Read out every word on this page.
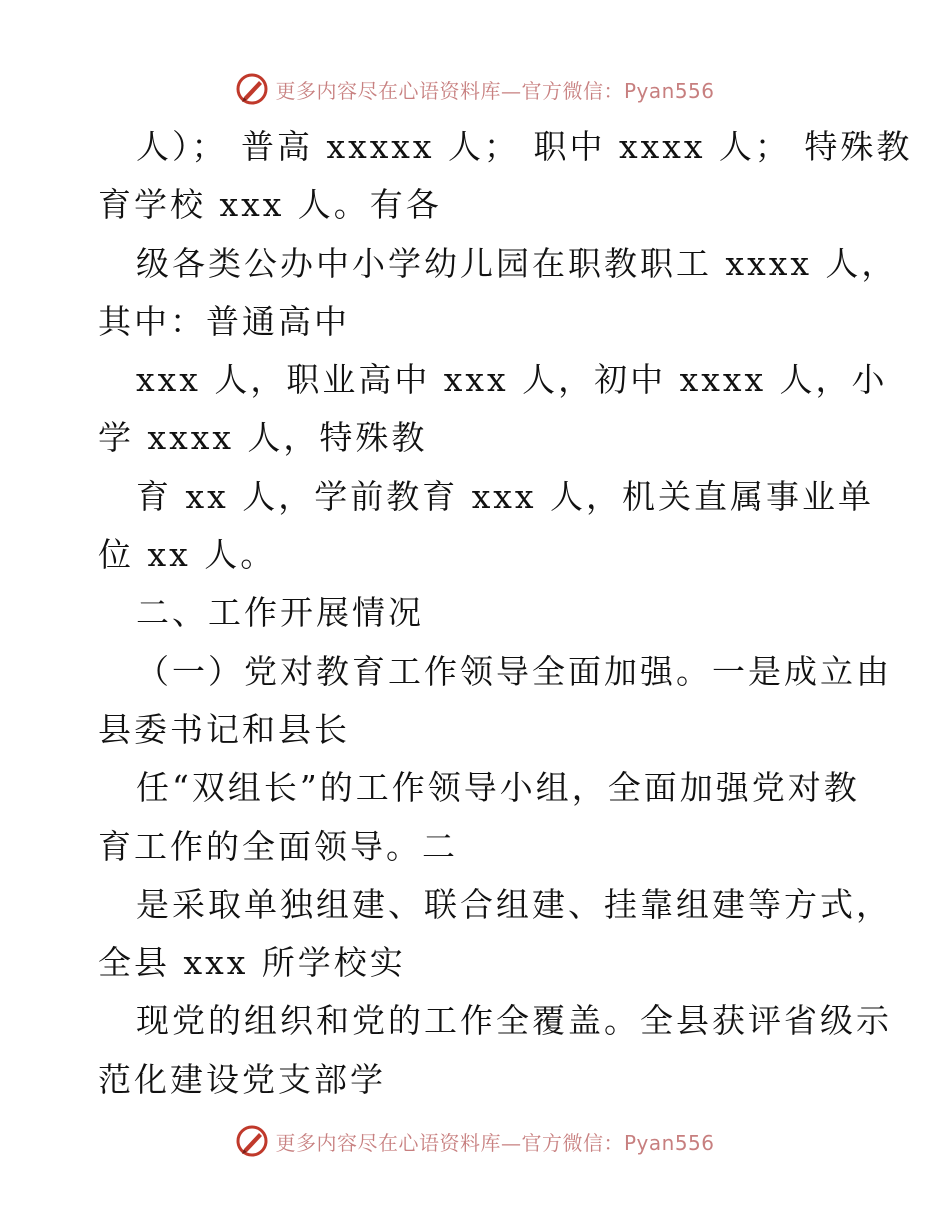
更多内容尽在心语资料库—官方微信：Pyan556
人）； 普高 xxxxx 人； 职中 xxxx 人； 特殊教
育学校 xxx 人。有各
级各类公办中小学幼儿园在职教职工 xxxx 人，
其中：普通高中
xxx 人，职业高中 xxx 人，初中 xxxx 人，小
学 xxxx 人，特殊教
育 xx 人，学前教育 xxx 人，机关直属事业单
位 xx 人。
二、工作开展情况
（一）党对教育工作领导全面加强。一是成立由
县委书记和县长
任“双组长”的工作领导小组，全面加强党对教
育工作的全面领导。二
是采取单独组建、联合组建、挂靠组建等方式，
全县 xxx 所学校实
现党的组织和党的工作全覆盖。全县获评省级示
范化建设党支部学
更多内容尽在心语资料库—官方微信：Pyan556
